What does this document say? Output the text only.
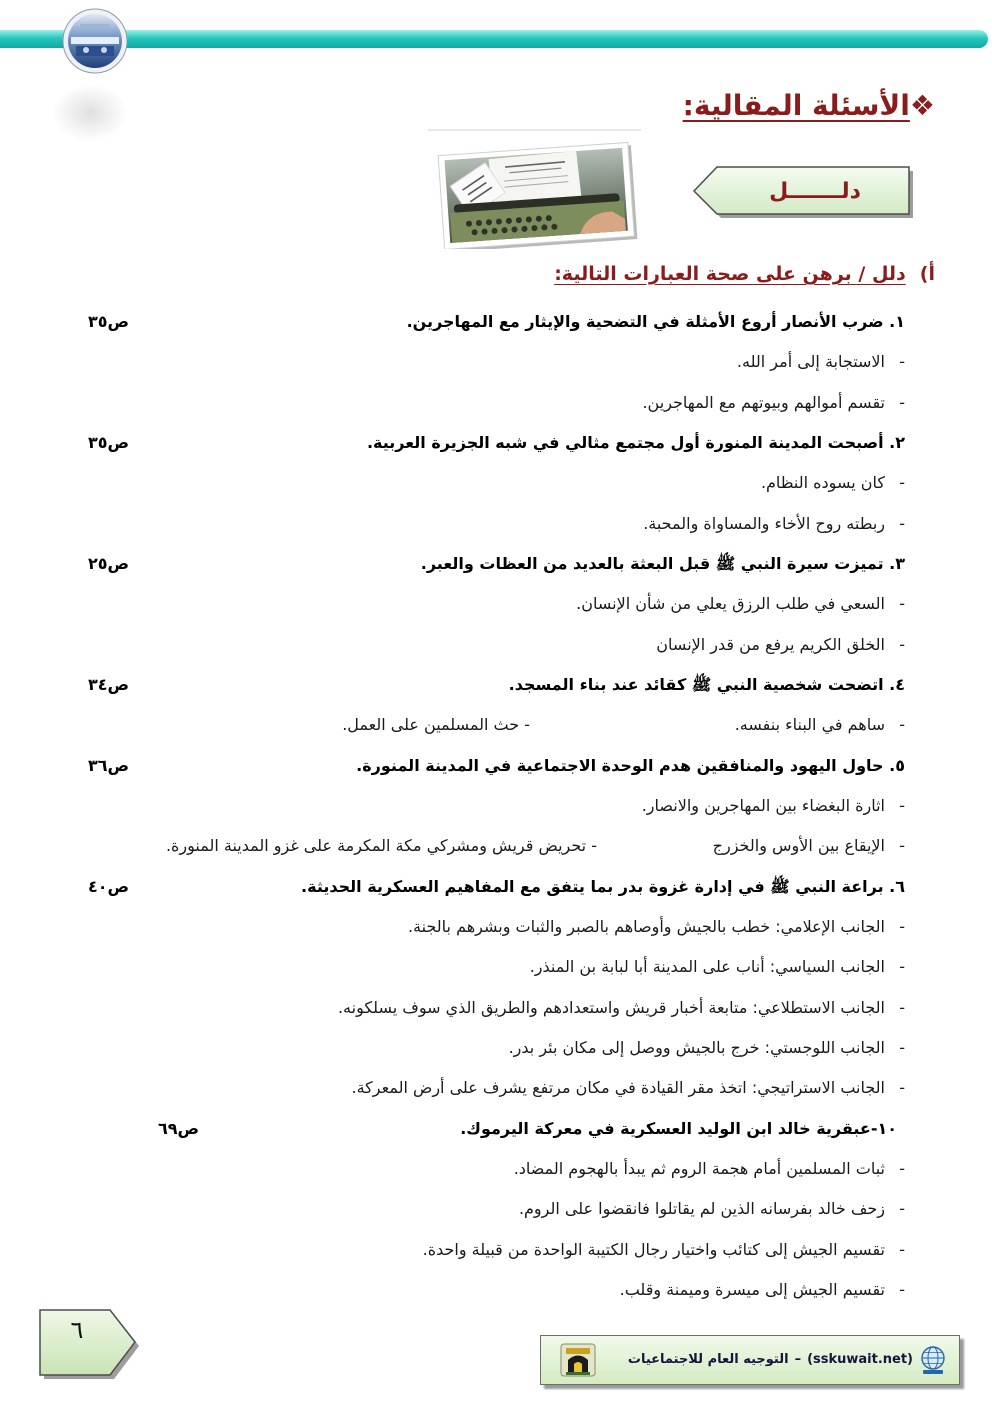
❖الأسئلة المقالية:
دلـــــــل
أ)دلل / برهن على صحة العبارات التالية:
١. ضرب الأنصار أروع الأمثلة في التضحية والإيثار مع المهاجرين.
ص٣٥
-الاستجابة إلى أمر الله.
-تقسم أموالهم وبيوتهم مع المهاجرين.
٢. أصبحت المدينة المنورة أول مجتمع مثالي في شبه الجزيرة العربية.
ص٣٥
-كان يسوده النظام.
-ربطته روح الأخاء والمساواة والمحبة.
٣. تميزت سيرة النبي ﷺ قبل البعثة بالعديد من العظات والعبر.
ص٢٥
-السعي في طلب الرزق يعلي من شأن الإنسان.
-الخلق الكريم يرفع من قدر الإنسان
٤. اتضحت شخصية النبي ﷺ كقائد عند بناء المسجد.
ص٣٤
-ساهم في البناء بنفسه.
- حث المسلمين على العمل.
٥. حاول اليهود والمنافقين هدم الوحدة الاجتماعية في المدينة المنورة.
ص٣٦
-اثارة البغضاء بين المهاجرين والانصار.
-الإيقاع بين الأوس والخزرج
- تحريض قريش ومشركي مكة المكرمة على غزو المدينة المنورة.
٦. براعة النبي ﷺ في إدارة غزوة بدر بما يتفق مع المفاهيم العسكرية الحديثة.
ص٤٠
-الجانب الإعلامي: خطب بالجيش وأوصاهم بالصبر والثبات وبشرهم بالجنة.
-الجانب السياسي: أناب على المدينة أبا لبابة بن المنذر.
-الجانب الاستطلاعي: متابعة أخبار قريش واستعدادهم والطريق الذي سوف يسلكونه.
-الجانب اللوجستي: خرج بالجيش ووصل إلى مكان بئر بدر.
-الجانب الاستراتيجي: اتخذ مقر القيادة في مكان مرتفع يشرف على أرض المعركة.
١٠-عبقرية خالد ابن الوليد العسكرية في معركة اليرموك.
ص٦٩
-ثبات المسلمين أمام هجمة الروم ثم يبدأ بالهجوم المضاد.
-زحف خالد بفرسانه الذين لم يقاتلوا فانقضوا على الروم.
-تقسيم الجيش إلى كتائب واختيار رجال الكتيبة الواحدة من قبيلة واحدة.
-تقسيم الجيش إلى ميسرة وميمنة وقلب.
٦
التوجيه العام للاجتماعيات – (sskuwait.net)
